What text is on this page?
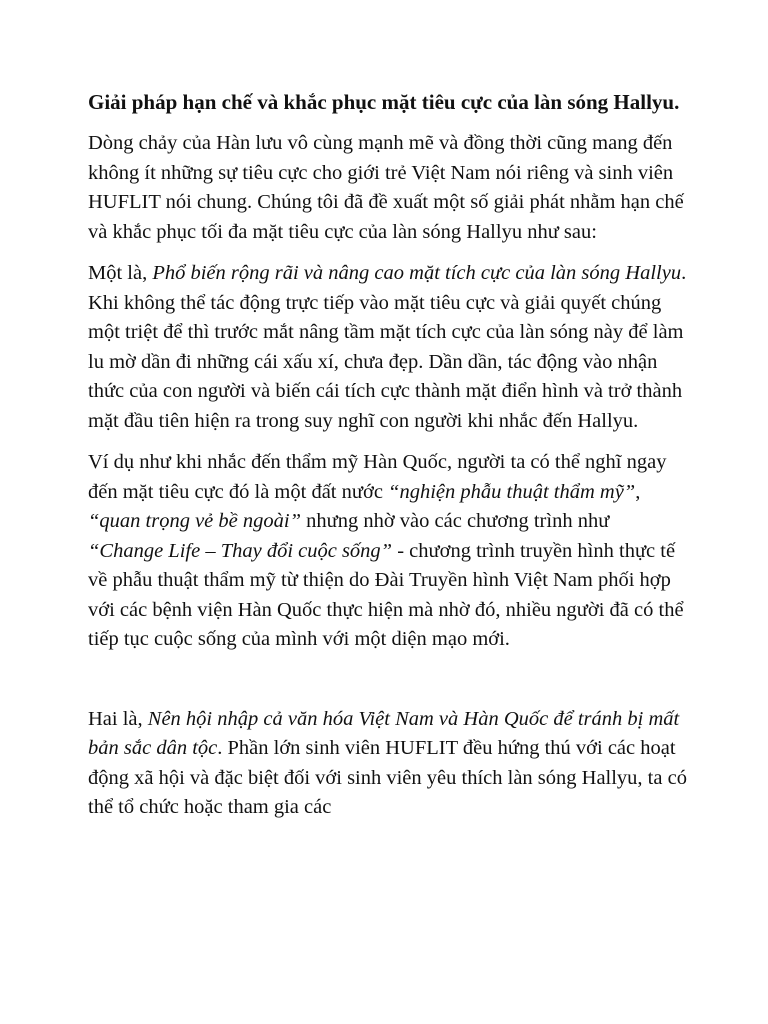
Giải pháp hạn chế và khắc phục mặt tiêu cực của làn sóng Hallyu.

Dòng chảy của Hàn lưu vô cùng mạnh mẽ và đồng thời cũng mang đến không ít những sự tiêu cực cho giới trẻ Việt Nam nói riêng và sinh viên HUFLIT nói chung. Chúng tôi đã đề xuất một số giải phát nhằm hạn chế và khắc phục tối đa mặt tiêu cực của làn sóng Hallyu như sau:

Một là, Phổ biến rộng rãi và nâng cao mặt tích cực của làn sóng Hallyu. Khi không thể tác động trực tiếp vào mặt tiêu cực và giải quyết chúng một triệt để thì trước mắt nâng tầm mặt tích cực của làn sóng này để làm lu mờ dần đi những cái xấu xí, chưa đẹp. Dần dần, tác động vào nhận thức của con người và biến cái tích cực thành mặt điển hình và trở thành mặt đầu tiên hiện ra trong suy nghĩ con người khi nhắc đến Hallyu.

Ví dụ như khi nhắc đến thẩm mỹ Hàn Quốc, người ta có thể nghĩ ngay đến mặt tiêu cực đó là một đất nước “nghiện phẫu thuật thẩm mỹ”, “quan trọng vẻ bề ngoài” nhưng nhờ vào các chương trình như “Change Life – Thay đổi cuộc sống” - chương trình truyền hình thực tế về phẫu thuật thẩm mỹ từ thiện do Đài Truyền hình Việt Nam phối hợp với các bệnh viện Hàn Quốc thực hiện mà nhờ đó, nhiều người đã có thể tiếp tục cuộc sống của mình với một diện mạo mới.

Hai là, Nên hội nhập cả văn hóa Việt Nam và Hàn Quốc để tránh bị mất bản sắc dân tộc. Phần lớn sinh viên HUFLIT đều hứng thú với các hoạt động xã hội và đặc biệt đối với sinh viên yêu thích làn sóng Hallyu, ta có thể tổ chức hoặc tham gia các
